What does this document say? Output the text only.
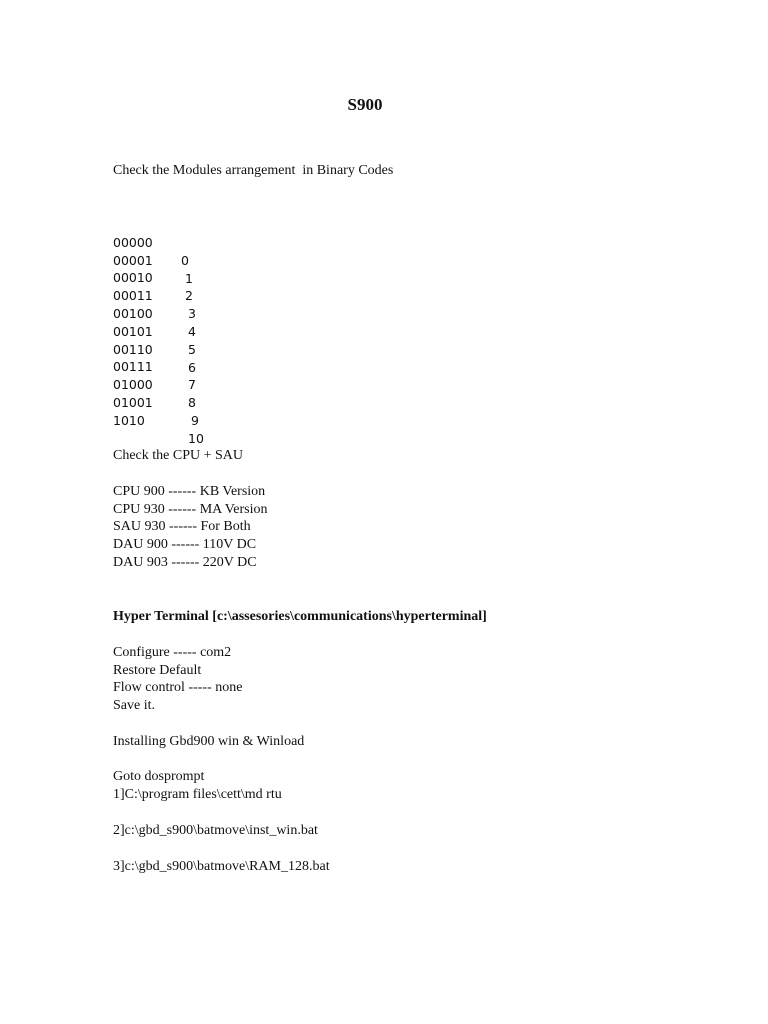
S900
Check the Modules arrangement  in Binary Codes

00000

0

00001

1

00010

2

00011

3

00100

4

00101

5

00110

6

00111

7

01000

8

01001

9

1010

10

Check the CPU + SAU
CPU 900 ------ KB Version
CPU 930 ------ MA Version
SAU 930 ------ For Both
DAU 900 ------ 110V DC
DAU 903 ------ 220V DC
Hyper Terminal [c:\assesories\communications\hyperterminal]
Configure ----- com2
Restore Default
Flow control ----- none
Save it.
Installing Gbd900 win & Winload
Goto dosprompt
1]C:\program files\cett\md rtu
2]c:\gbd_s900\batmove\inst_win.bat
3]c:\gbd_s900\batmove\RAM_128.bat
